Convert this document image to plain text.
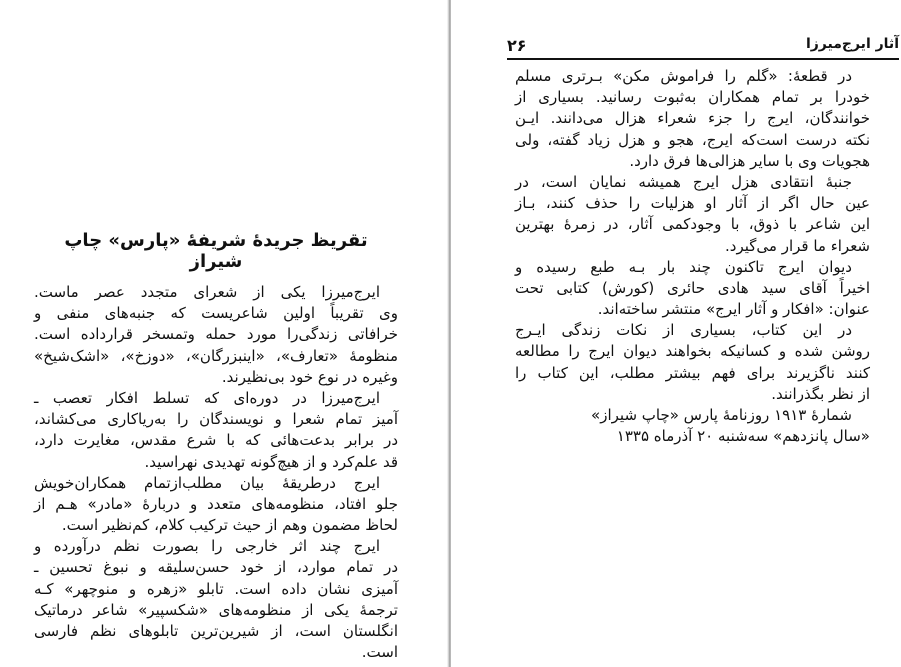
تقریظ جریدهٔ شریفهٔ «پارس» چاپ شیراز
ایرج‌میرزا یکی از شعرای متجدد عصر ماست.
وی تقریباً اولین شاعریست که جنبه‌های منفی و
خرافاتی زندگی‌را مورد حمله وتمسخر قرارداده است.
منظومهٔ «تعارف»، «اینبزرگان»، «دوزخ»، «اشک‌شیخ»
وغیره در نوع خود بی‌نظیرند.
ایرج‌میرزا در دوره‌ای که تسلط افکار تعصب ـ
آمیز تمام شعرا و نویسندگان را به‌ریاکاری می‌کشاند،
در برابر بدعت‌هائی که با شرع مقدس، مغایرت دارد،
قد علم‌کرد و از هیچ‌گونه تهدیدی نهراسید.
ایرج درطریقهٔ بیان مطلب‌ازتمام همکاران‌خویش
جلو افتاد، منظومه‌های متعدد و دربارهٔ «مادر» هـم از
لحاظ مضمون وهم از حیث ترکیب کلام، کم‌نظیر است.
ایرج چند اثر خارجی را بصورت نظم درآورده و
در تمام موارد، از خود حسن‌سلیقه و نبوغ تحسین ـ
آمیزی نشان داده است. تابلو «زهره و منوچهر» کـه
ترجمهٔ یکی از منظومه‌های «شکسپیر» شاعر درماتیک
انگلستان است، از شیرین‌ترین تابلوهای نظم فارسی
است.
آثار ایرج‌میرزا
۲۶
در قطعهٔ: «گلم را فراموش مکن» بـرتری مسلم
خودرا بر تمام همکاران به‌ثبوت رسانید. بسیاری از
خوانندگان، ایرج را جزء شعراء هزال می‌دانند. ایـن
نکته درست است‌که ایرج، هجو و هزل زیاد گفته، ولی
هجویات وی با سایر هزالی‌ها فرق دارد.
جنبهٔ انتقادی هزل ایرج همیشه نمایان است، در
عین حال اگر از آثار او هزلیات را حذف کنند، بـاز
این شاعر با ذوق، با وجودکمی آثار، در زمرهٔ بهترین
شعراء ما قرار می‌گیرد.
دیوان ایرج تاکنون چند بار بـه طبع رسیده و
اخیراً آقای سید هادی حائری (کورش) کتابی تحت
عنوان: «افکار و آثار ایرج» منتشر ساخته‌اند.
در این کتاب، بسیاری از نکات زندگی ایـرج
روشن شده و کسانیکه بخواهند دیوان ایرج را مطالعه
کنند ناگزیرند برای فهم بیشتر مطلب، این کتاب را
از نظر بگذرانند.
شمارهٔ ۱۹۱۳ روزنامهٔ پارس «چاپ شیراز»
«سال پانزدهم» سه‌شنبه ۲۰ آذرماه ۱۳۳۵
